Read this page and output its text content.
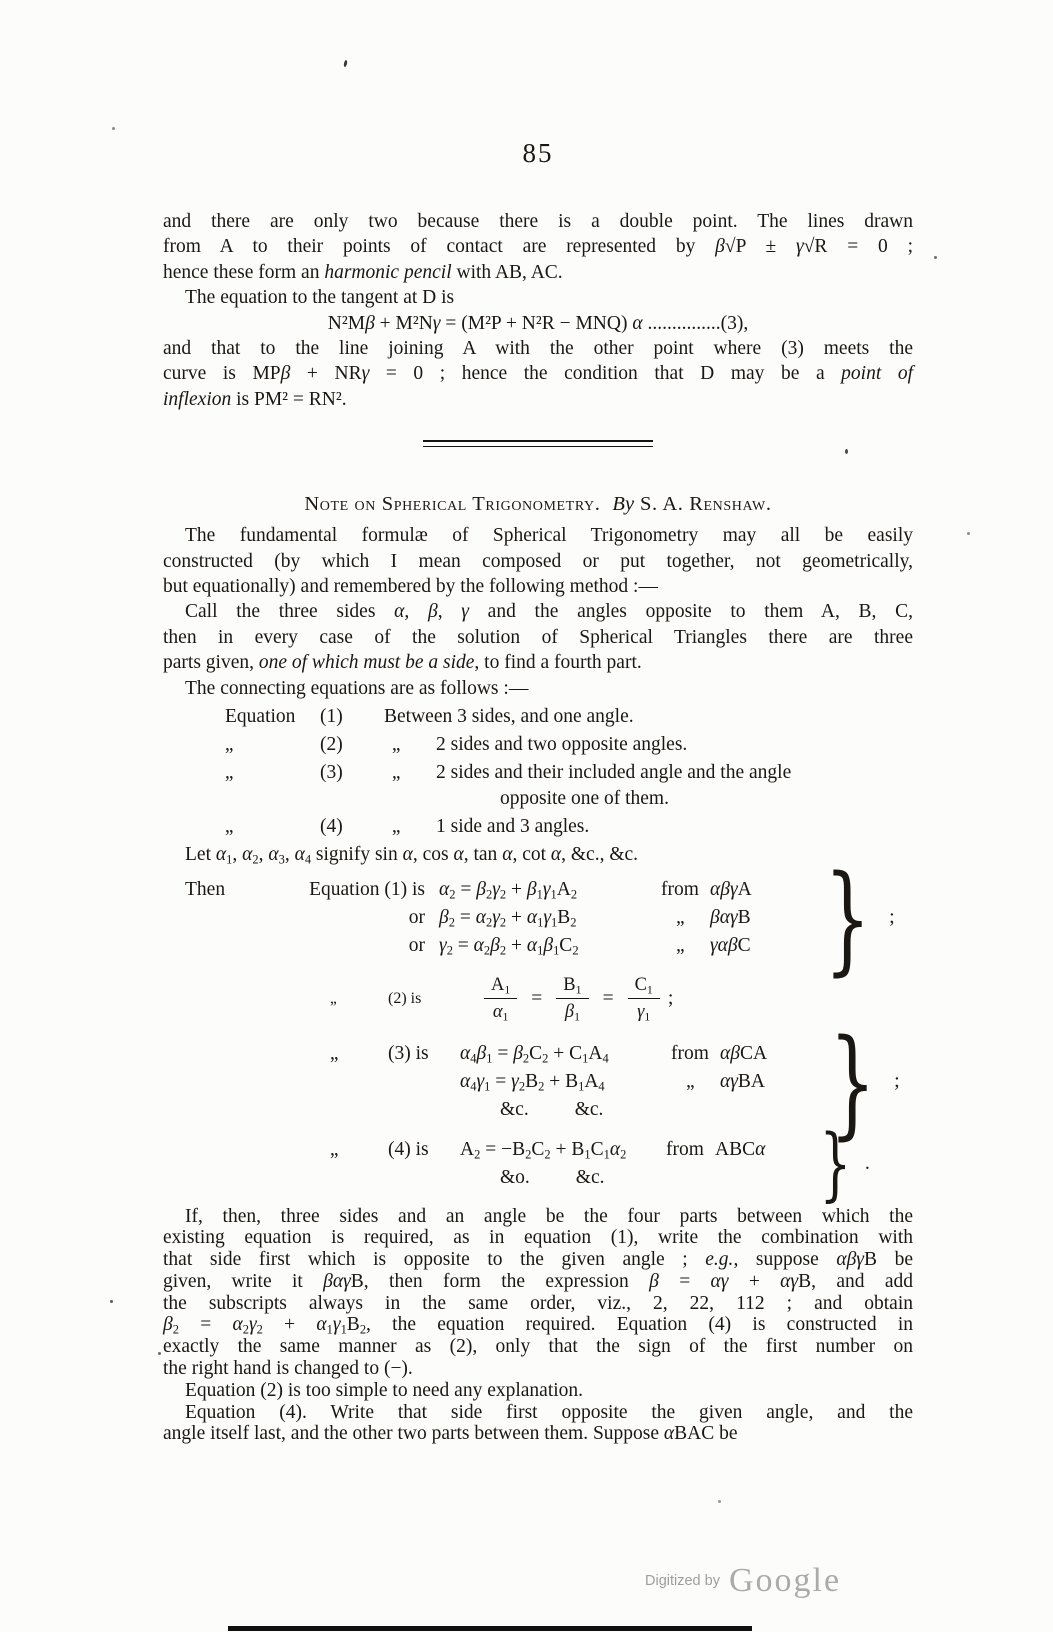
85
and there are only two because there is a double point. The lines drawn
from A to their points of contact are represented by β√P ± γ√R = 0 ;
hence these form an harmonic pencil with AB, AC.
The equation to the tangent at D is
N²Mβ + M²Nγ = (M²P + N²R − MNQ) α ...............(3),
and that to the line joining A with the other point where (3) meets the
curve is MPβ + NRγ = 0 ; hence the condition that D may be a point of
inflexion is PM² = RN².
Note on Spherical Trigonometry. By S. A. Renshaw.
The fundamental formulæ of Spherical Trigonometry may all be easily
constructed (by which I mean composed or put together, not geometrically,
but equationally) and remembered by the following method :—
Call the three sides α, β, γ and the angles opposite to them A, B, C,
then in every case of the solution of Spherical Triangles there are three
parts given, one of which must be a side, to find a fourth part.
The connecting equations are as follows :—
Equation	(1)	Between 3 sides, and one angle.
,,	(2)	,,	2 sides and two opposite angles.
,,	(3)	,,	2 sides and their included angle and the angle
opposite one of them.
,,	(4)	,,	1 side and 3 angles.
Let $\alpha_1$, $\alpha_2$, $\alpha_3$, $\alpha_4$ signify sin α, cos α, tan α, cot α, &c., &c.
Then	Equation (1) is $\alpha_2 = \beta_2\gamma_2 + \beta_1\gamma_1A_2$	from αβγA
or $\beta_2 = \alpha_2\gamma_2 + \alpha_1\gamma_1B_2$	,,	βαγB
or $\gamma_2 = \alpha_2\beta_2 + \alpha_1\beta_1C_2$	,,	γαβC } ;
,,	(2) is	$\frac{A_1}{\alpha_1} = \frac{B_1}{\beta_1} = \frac{C_1}{\gamma_1}$ ;
,,	(3) is	$\alpha_4\beta_1 = \beta_2C_2 + C_1A_4$	from αβCA
$\alpha_4\gamma_1 = \gamma_2B_2 + B_1A_4$	,,	αγBA
&c. &c.	} ;
,,	(4) is	$A_2 = -B_2C_2 + B_1C_1\alpha_2$	from ABCα
&o. &c.	} .
If, then, three sides and an angle be the four parts between which the
existing equation is required, as in equation (1), write the combination with
that side first which is opposite to the given angle ; e.g., suppose αβγB be
given, write it βαγB, then form the expression β = αγ + αγB, and add
the subscripts always in the same order, viz., 2, 22, 112 ; and obtain
$\beta_2 = \alpha_2\gamma_2 + \alpha_1\gamma_1B_2$, the equation required. Equation (4) is constructed in
exactly the same manner as (2), only that the sign of the first number on
the right hand is changed to (−).
Equation (2) is too simple to need any explanation.
Equation (4). Write that side first opposite the given angle, and the
angle itself last, and the other two parts between them. Suppose αBAC be
Digitized by Google
